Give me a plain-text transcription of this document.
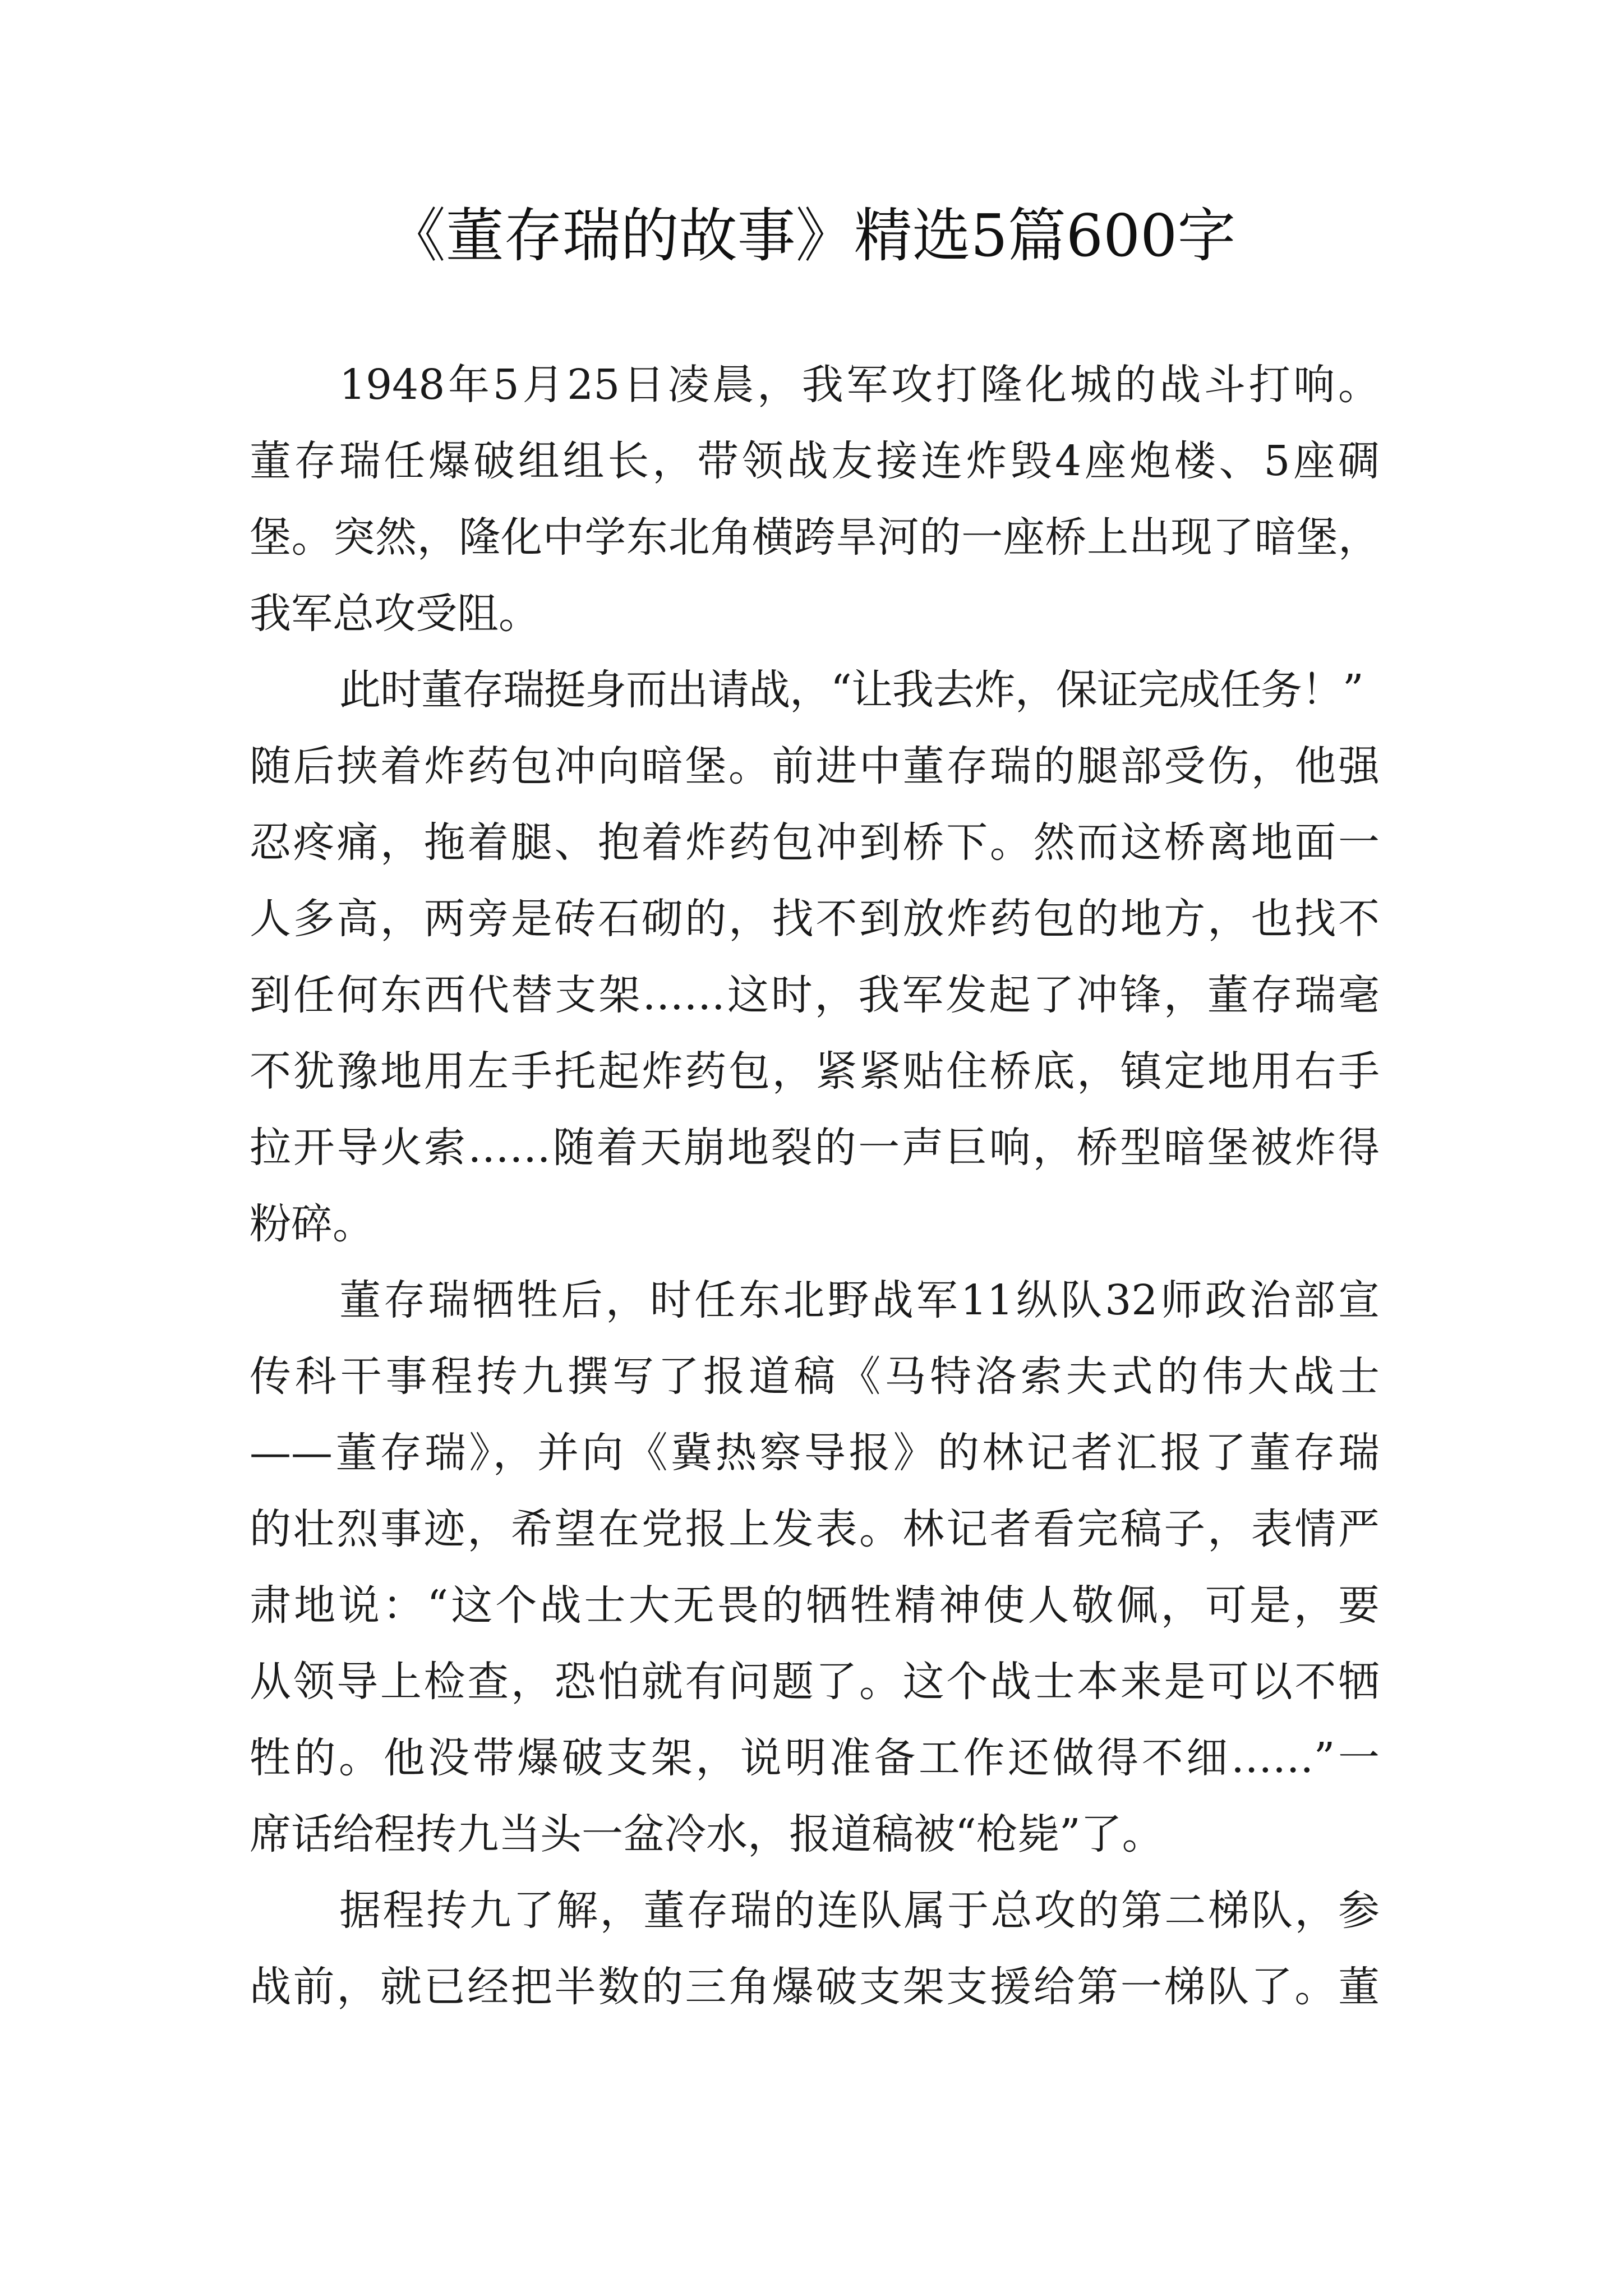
《董存瑞的故事》精选5篇600字
1948年5月25日凌晨，我军攻打隆化城的战斗打响。
董存瑞任爆破组组长，带领战友接连炸毁4座炮楼、5座碉
堡。突然，隆化中学东北角横跨旱河的一座桥上出现了暗堡，
我军总攻受阻。
此时董存瑞挺身而出请战，“让我去炸，保证完成任务！”
随后挟着炸药包冲向暗堡。前进中董存瑞的腿部受伤，他强
忍疼痛，拖着腿、抱着炸药包冲到桥下。然而这桥离地面一
人多高，两旁是砖石砌的，找不到放炸药包的地方，也找不
到任何东西代替支架……这时，我军发起了冲锋，董存瑞毫
不犹豫地用左手托起炸药包，紧紧贴住桥底，镇定地用右手
拉开导火索……随着天崩地裂的一声巨响，桥型暗堡被炸得
粉碎。
董存瑞牺牲后，时任东北野战军11纵队32师政治部宣
传科干事程抟九撰写了报道稿《马特洛索夫式的伟大战士
——董存瑞》，并向《冀热察导报》的林记者汇报了董存瑞
的壮烈事迹，希望在党报上发表。林记者看完稿子，表情严
肃地说：“这个战士大无畏的牺牲精神使人敬佩，可是，要
从领导上检查，恐怕就有问题了。这个战士本来是可以不牺
牲的。他没带爆破支架，说明准备工作还做得不细……”一
席话给程抟九当头一盆冷水，报道稿被“枪毙”了。
据程抟九了解，董存瑞的连队属于总攻的第二梯队，参
战前，就已经把半数的三角爆破支架支援给第一梯队了。董
